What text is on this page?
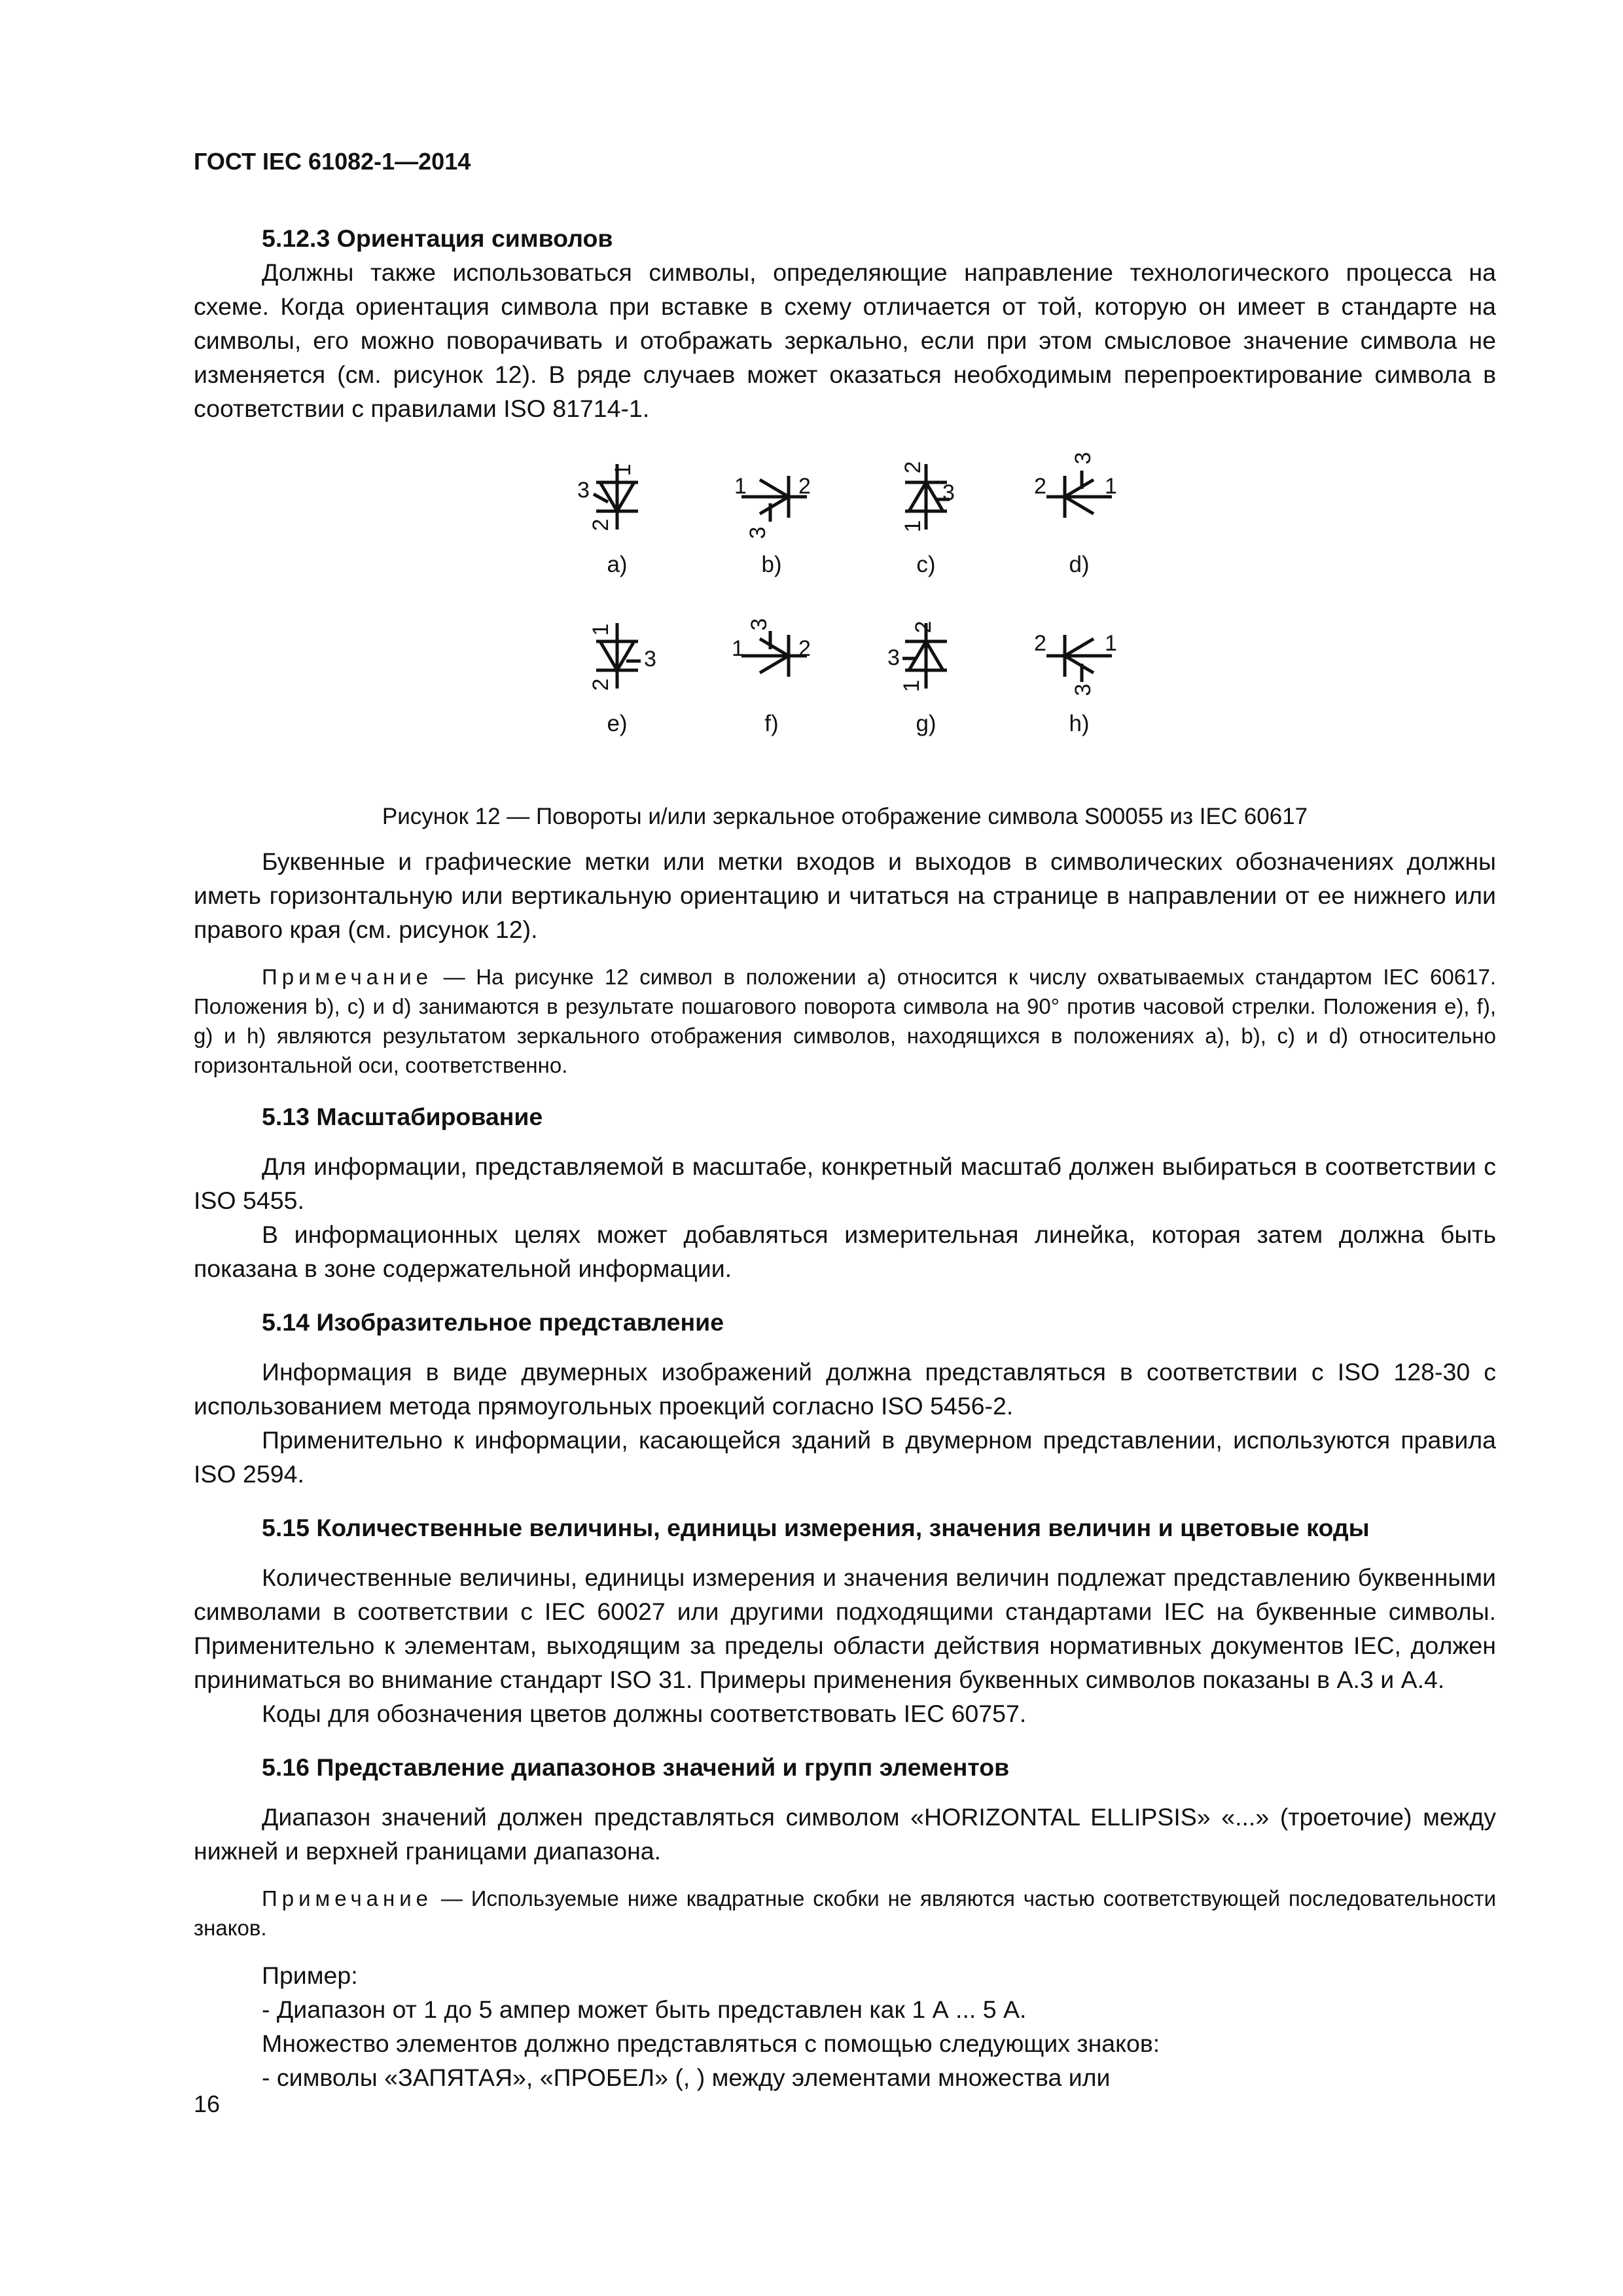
ГОСТ IEC 61082-1—2014

5.12.3 Ориентация символов

Должны также использоваться символы, определяющие направление технологического процесса на схеме. Когда ориентация символа при вставке в схему отличается от той, которую он имеет в стандарте на символы, его можно поворачивать и отображать зеркально, если при этом смысловое значение символа не изменяется (см. рисунок 12). В ряде случаев может оказаться необходимым перепроектирование символа в соответствии с правилами ISO 81714-1.

1
3
2
1 2
3
2
3
1
3
2	1
1
3
2
3
1 2
2
3
1
2	1
3
a)	b)	c)	d)
e)	f)	g)	h)

Рисунок 12 — Повороты и/или зеркальное отображение символа S00055 из IEC 60617

Буквенные и графические метки или метки входов и выходов в символических обозначениях должны иметь горизонтальную или вертикальную ориентацию и читаться на странице в направлении от ее нижнего или правого края (см. рисунок 12).

Примечание — На рисунке 12 символ в положении a) относится к числу охватываемых стандартом IEC 60617. Положения b), c) и d) занимаются в результате пошагового поворота символа на 90° против часовой стрелки. Положения e), f), g) и h) являются результатом зеркального отображения символов, находящихся в положениях a), b), c) и d) относительно горизонтальной оси, соответственно.

5.13 Масштабирование

Для информации, представляемой в масштабе, конкретный масштаб должен выбираться в соответствии с ISO 5455.

В информационных целях может добавляться измерительная линейка, которая затем должна быть показана в зоне содержательной информации.

5.14 Изобразительное представление

Информация в виде двумерных изображений должна представляться в соответствии с ISO 128-30 с использованием метода прямоугольных проекций согласно ISO 5456-2.

Применительно к информации, касающейся зданий в двумерном представлении, используются правила ISO 2594.

5.15 Количественные величины, единицы измерения, значения величин и цветовые коды

Количественные величины, единицы измерения и значения величин подлежат представлению буквенными символами в соответствии с IEC 60027 или другими подходящими стандартами IEC на буквенные символы. Применительно к элементам, выходящим за пределы области действия нормативных документов IEC, должен приниматься во внимание стандарт ISO 31. Примеры применения буквенных символов показаны в А.3 и А.4.

Коды для обозначения цветов должны соответствовать IEC 60757.

5.16 Представление диапазонов значений и групп элементов

Диапазон значений должен представляться символом «HORIZONTAL ELLIPSIS» «...» (троеточие) между нижней и верхней границами диапазона.

Примечание — Используемые ниже квадратные скобки не являются частью соответствующей последовательности знаков.

Пример:

- Диапазон от 1 до 5 ампер может быть представлен как 1 А ... 5 А.

Множество элементов должно представляться с помощью следующих знаков:

- символы «ЗАПЯТАЯ», «ПРОБЕЛ» (, ) между элементами множества или

16
